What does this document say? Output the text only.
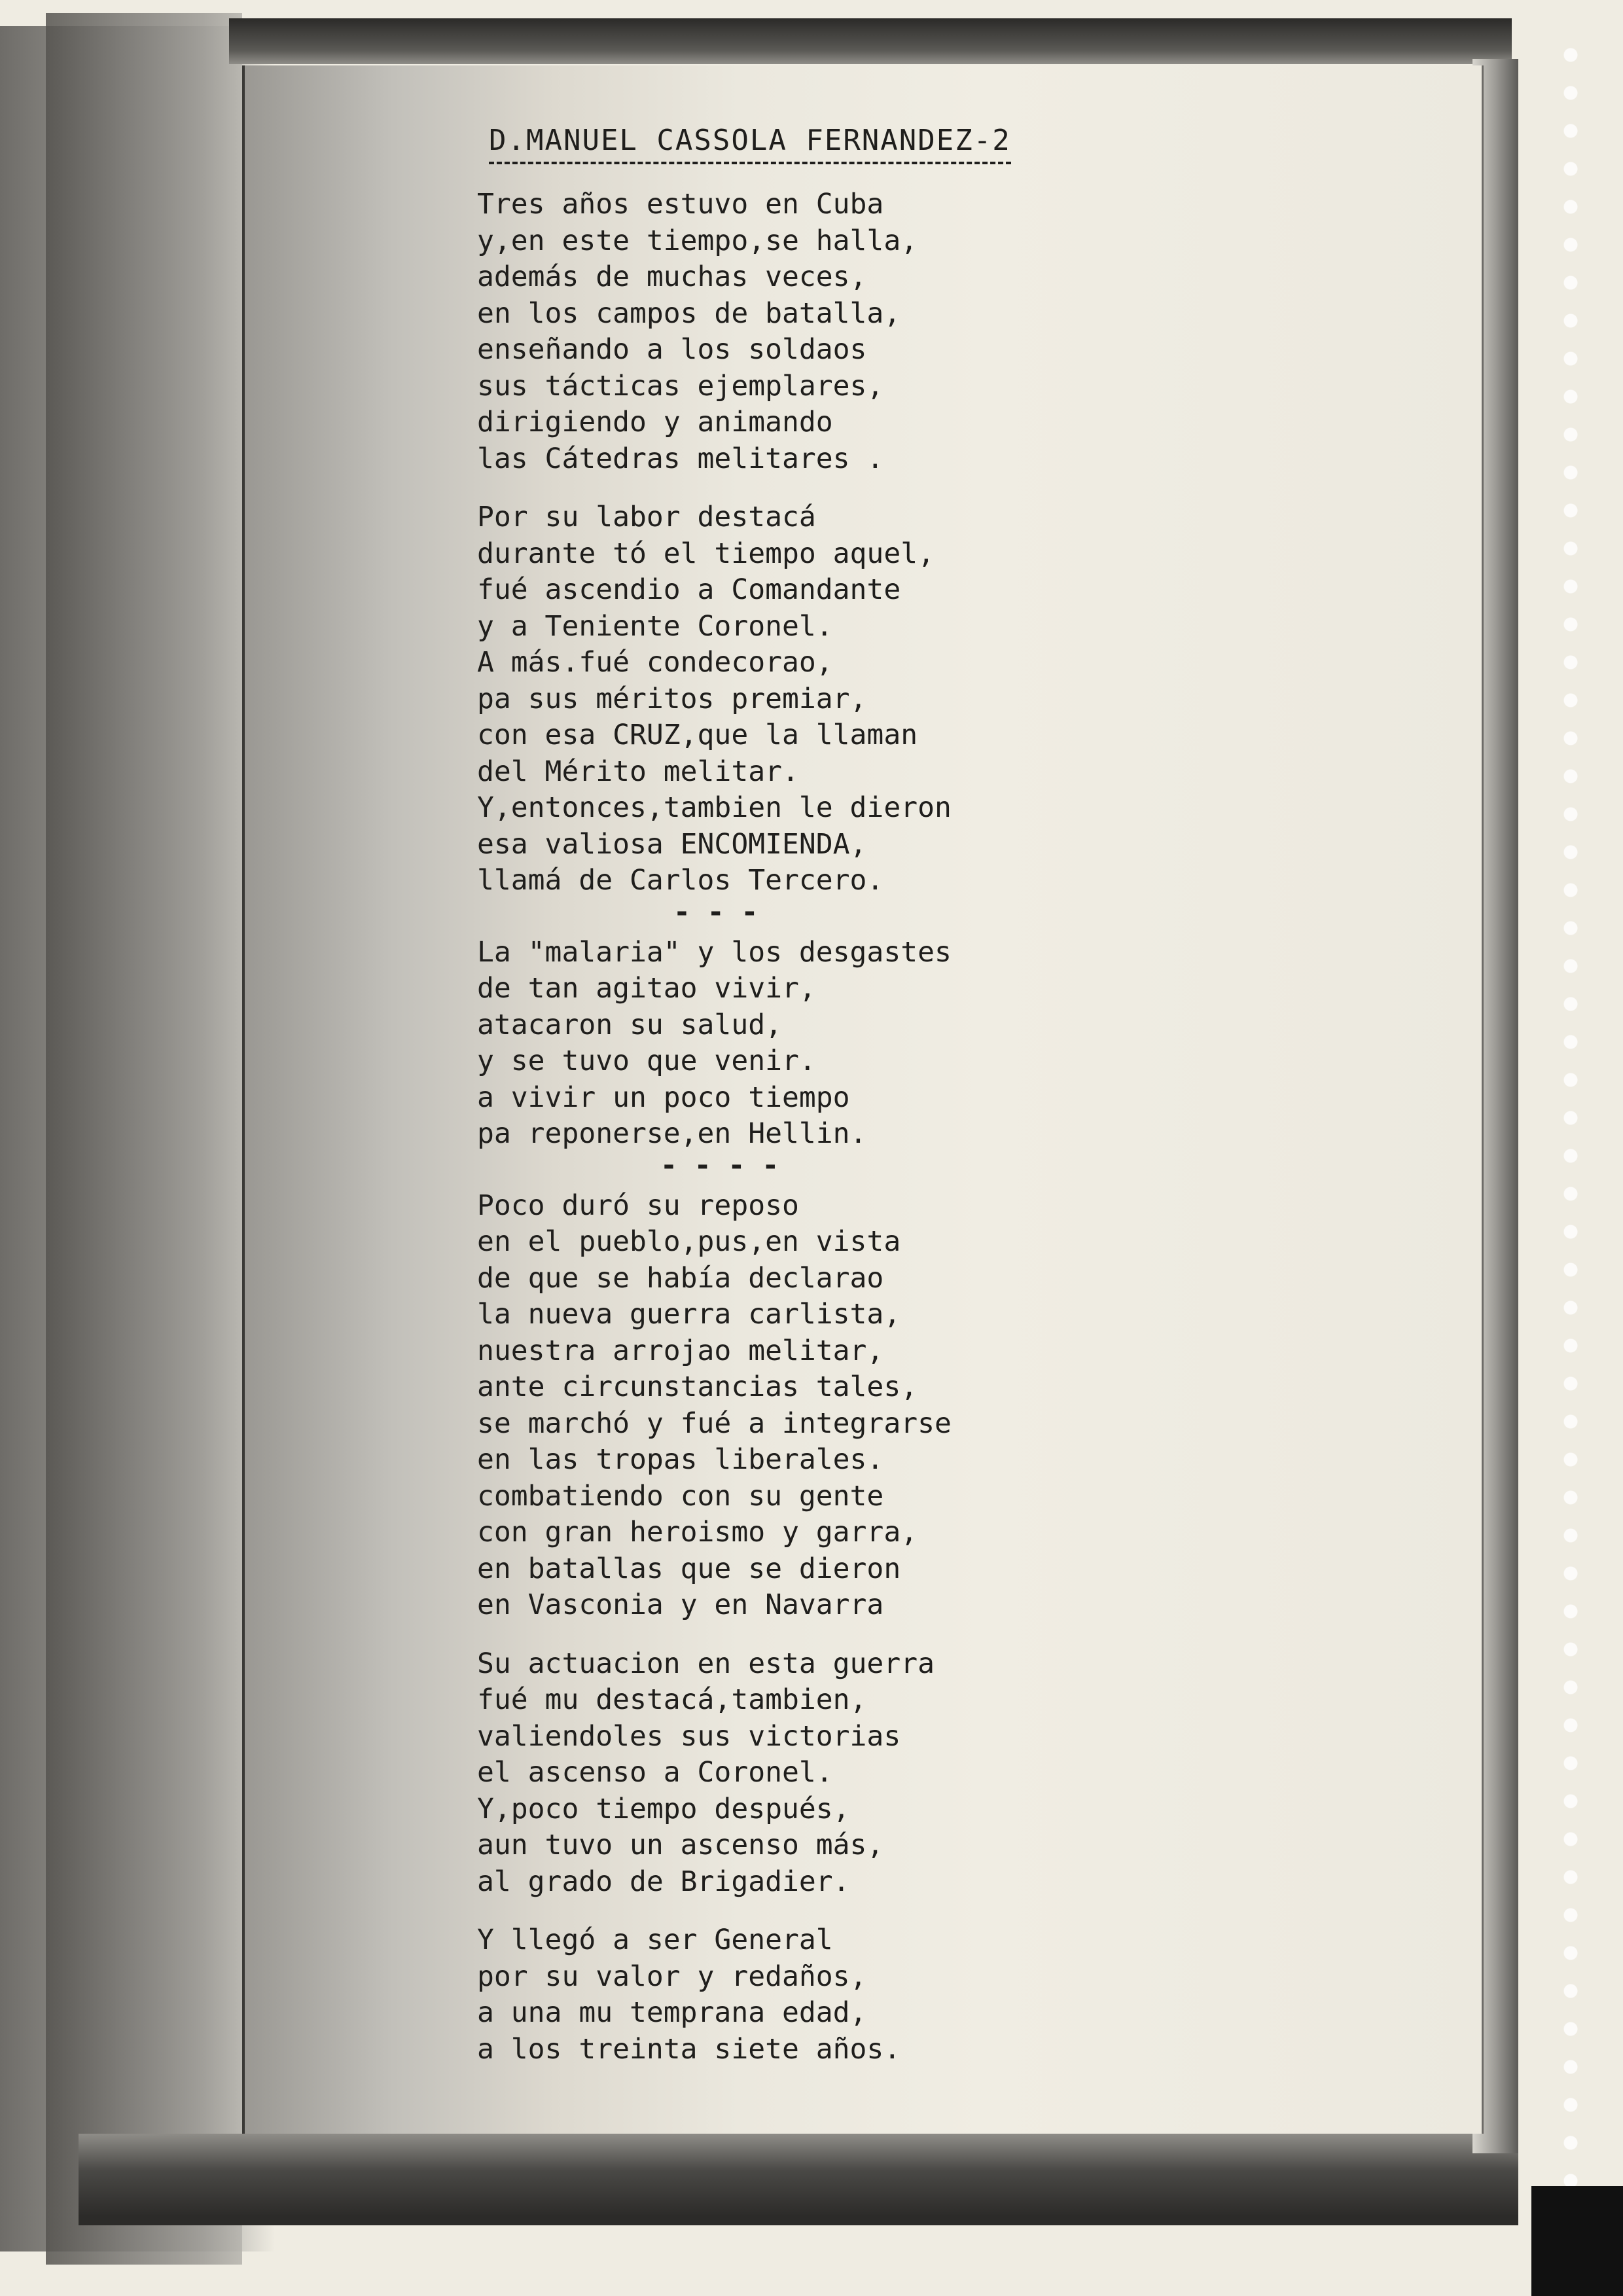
D.MANUEL CASSOLA FERNANDEZ-2
Tres años estuvo en Cuba
y,en este tiempo,se halla,
además de muchas veces,
en los campos de batalla,
enseñando a los soldaos
sus tácticas ejemplares,
dirigiendo y animando
las Cátedras melitares .
Por su labor destacá
durante tó el tiempo aquel,
fué ascendio a Comandante
y a Teniente Coronel.
A más.fué condecorao,
pa sus méritos premiar,
con esa CRUZ,que la llaman
del Mérito melitar.
Y,entonces,tambien le dieron
esa valiosa ENCOMIENDA,
llamá de Carlos Tercero.
- - -
La "malaria" y los desgastes
de tan agitao vivir,
atacaron su salud,
y se tuvo que venir.
a vivir un poco tiempo
pa reponerse,en Hellin.
- - - -
Poco duró su reposo
en el pueblo,pus,en vista
de que se había declarao
la nueva guerra carlista,
nuestra arrojao melitar,
ante circunstancias tales,
se marchó y fué a integrarse
en las tropas liberales.
combatiendo con su gente
con gran heroismo y garra,
en batallas que se dieron
en Vasconia y en Navarra
Su actuacion en esta guerra
fué mu destacá,tambien,
valiendoles sus victorias
el ascenso a Coronel.
Y,poco tiempo después,
aun tuvo un ascenso más,
al grado de Brigadier.
Y llegó a ser General
por su valor y redaños,
a una mu temprana edad,
a los treinta siete años.
